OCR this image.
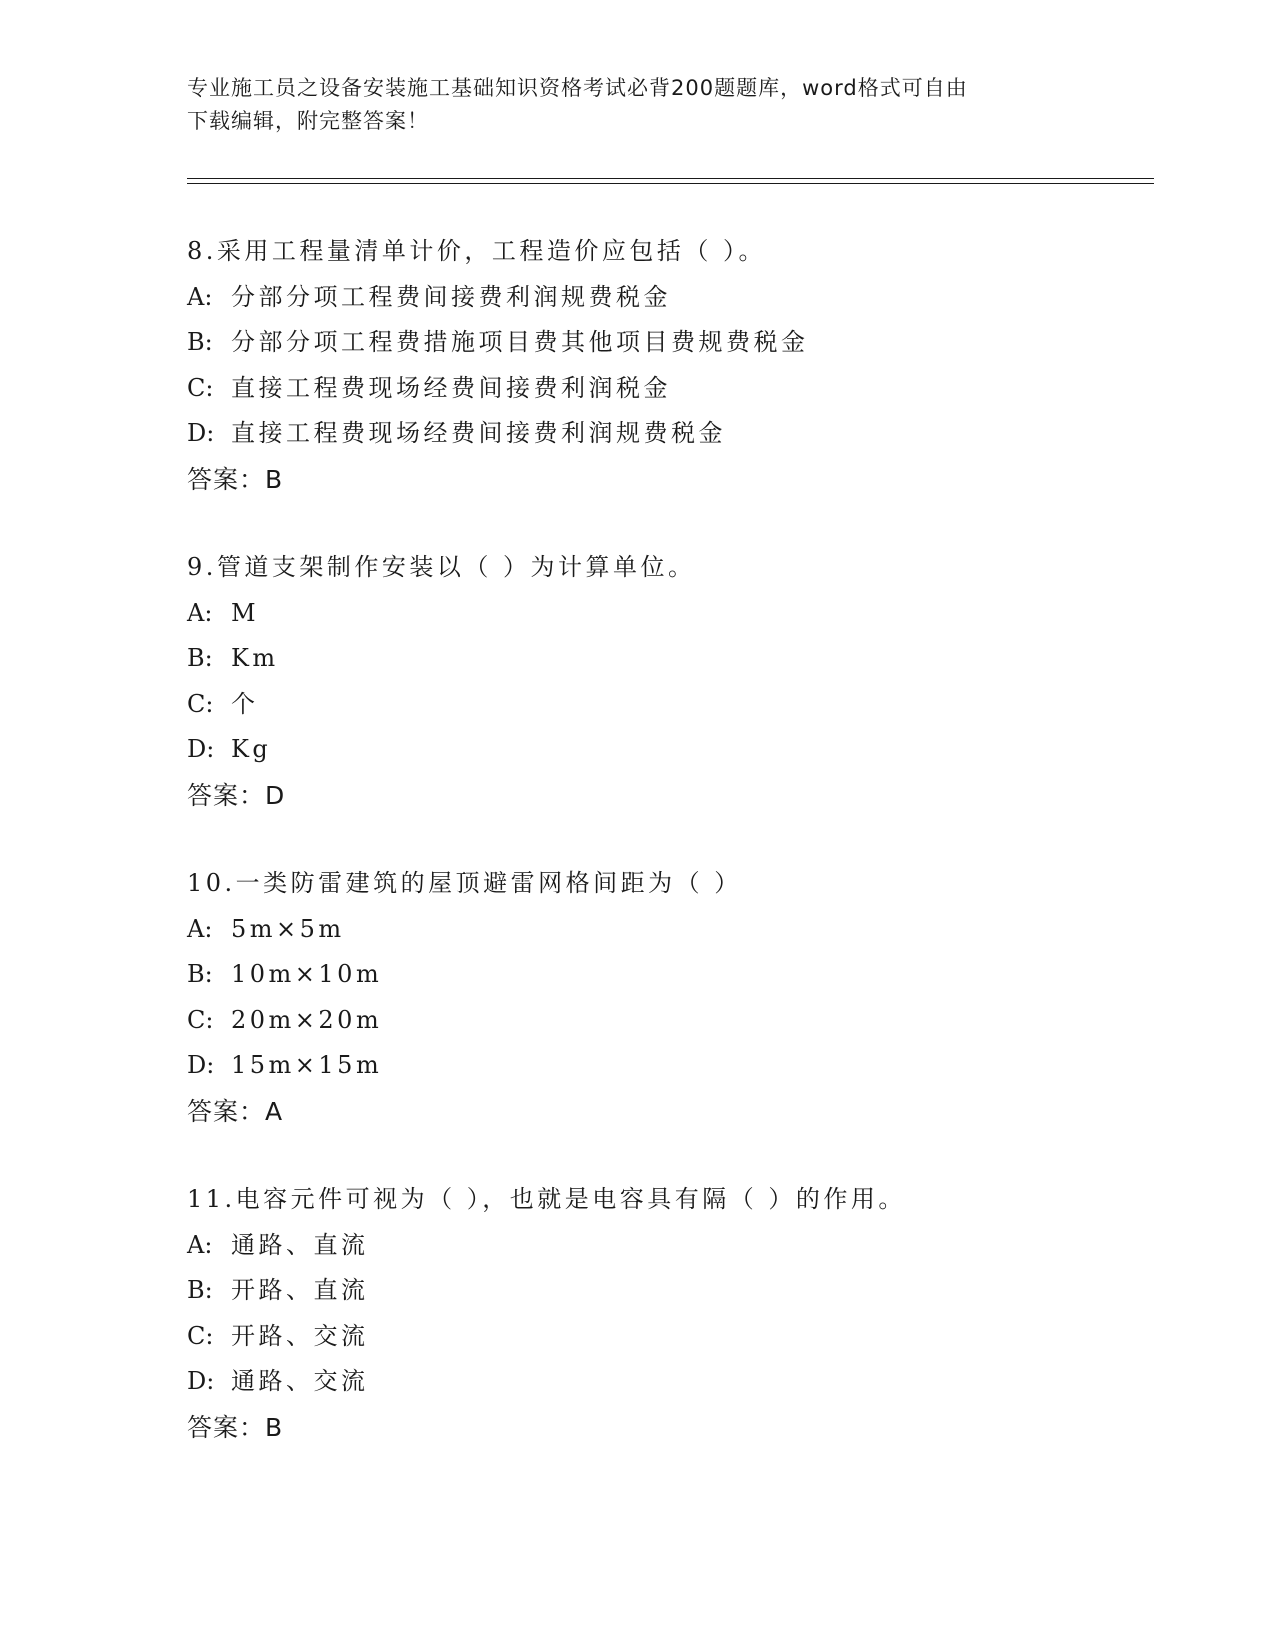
专业施工员之设备安装施工基础知识资格考试必背200题题库，word格式可自由
下载编辑，附完整答案！
8.采用工程量清单计价，工程造价应包括（ ）。
A: 分部分项工程费间接费利润规费税金
B: 分部分项工程费措施项目费其他项目费规费税金
C: 直接工程费现场经费间接费利润税金
D: 直接工程费现场经费间接费利润规费税金
答案：B
9.管道支架制作安装以（ ）为计算单位。
A: M
B: Km
C: 个
D: Kg
答案：D
10.一类防雷建筑的屋顶避雷网格间距为（ ）
A: 5m×5m
B: 10m×10m
C: 20m×20m
D: 15m×15m
答案：A
11.电容元件可视为（ ），也就是电容具有隔（ ）的作用。
A: 通路、直流
B: 开路、直流
C: 开路、交流
D: 通路、交流
答案：B
